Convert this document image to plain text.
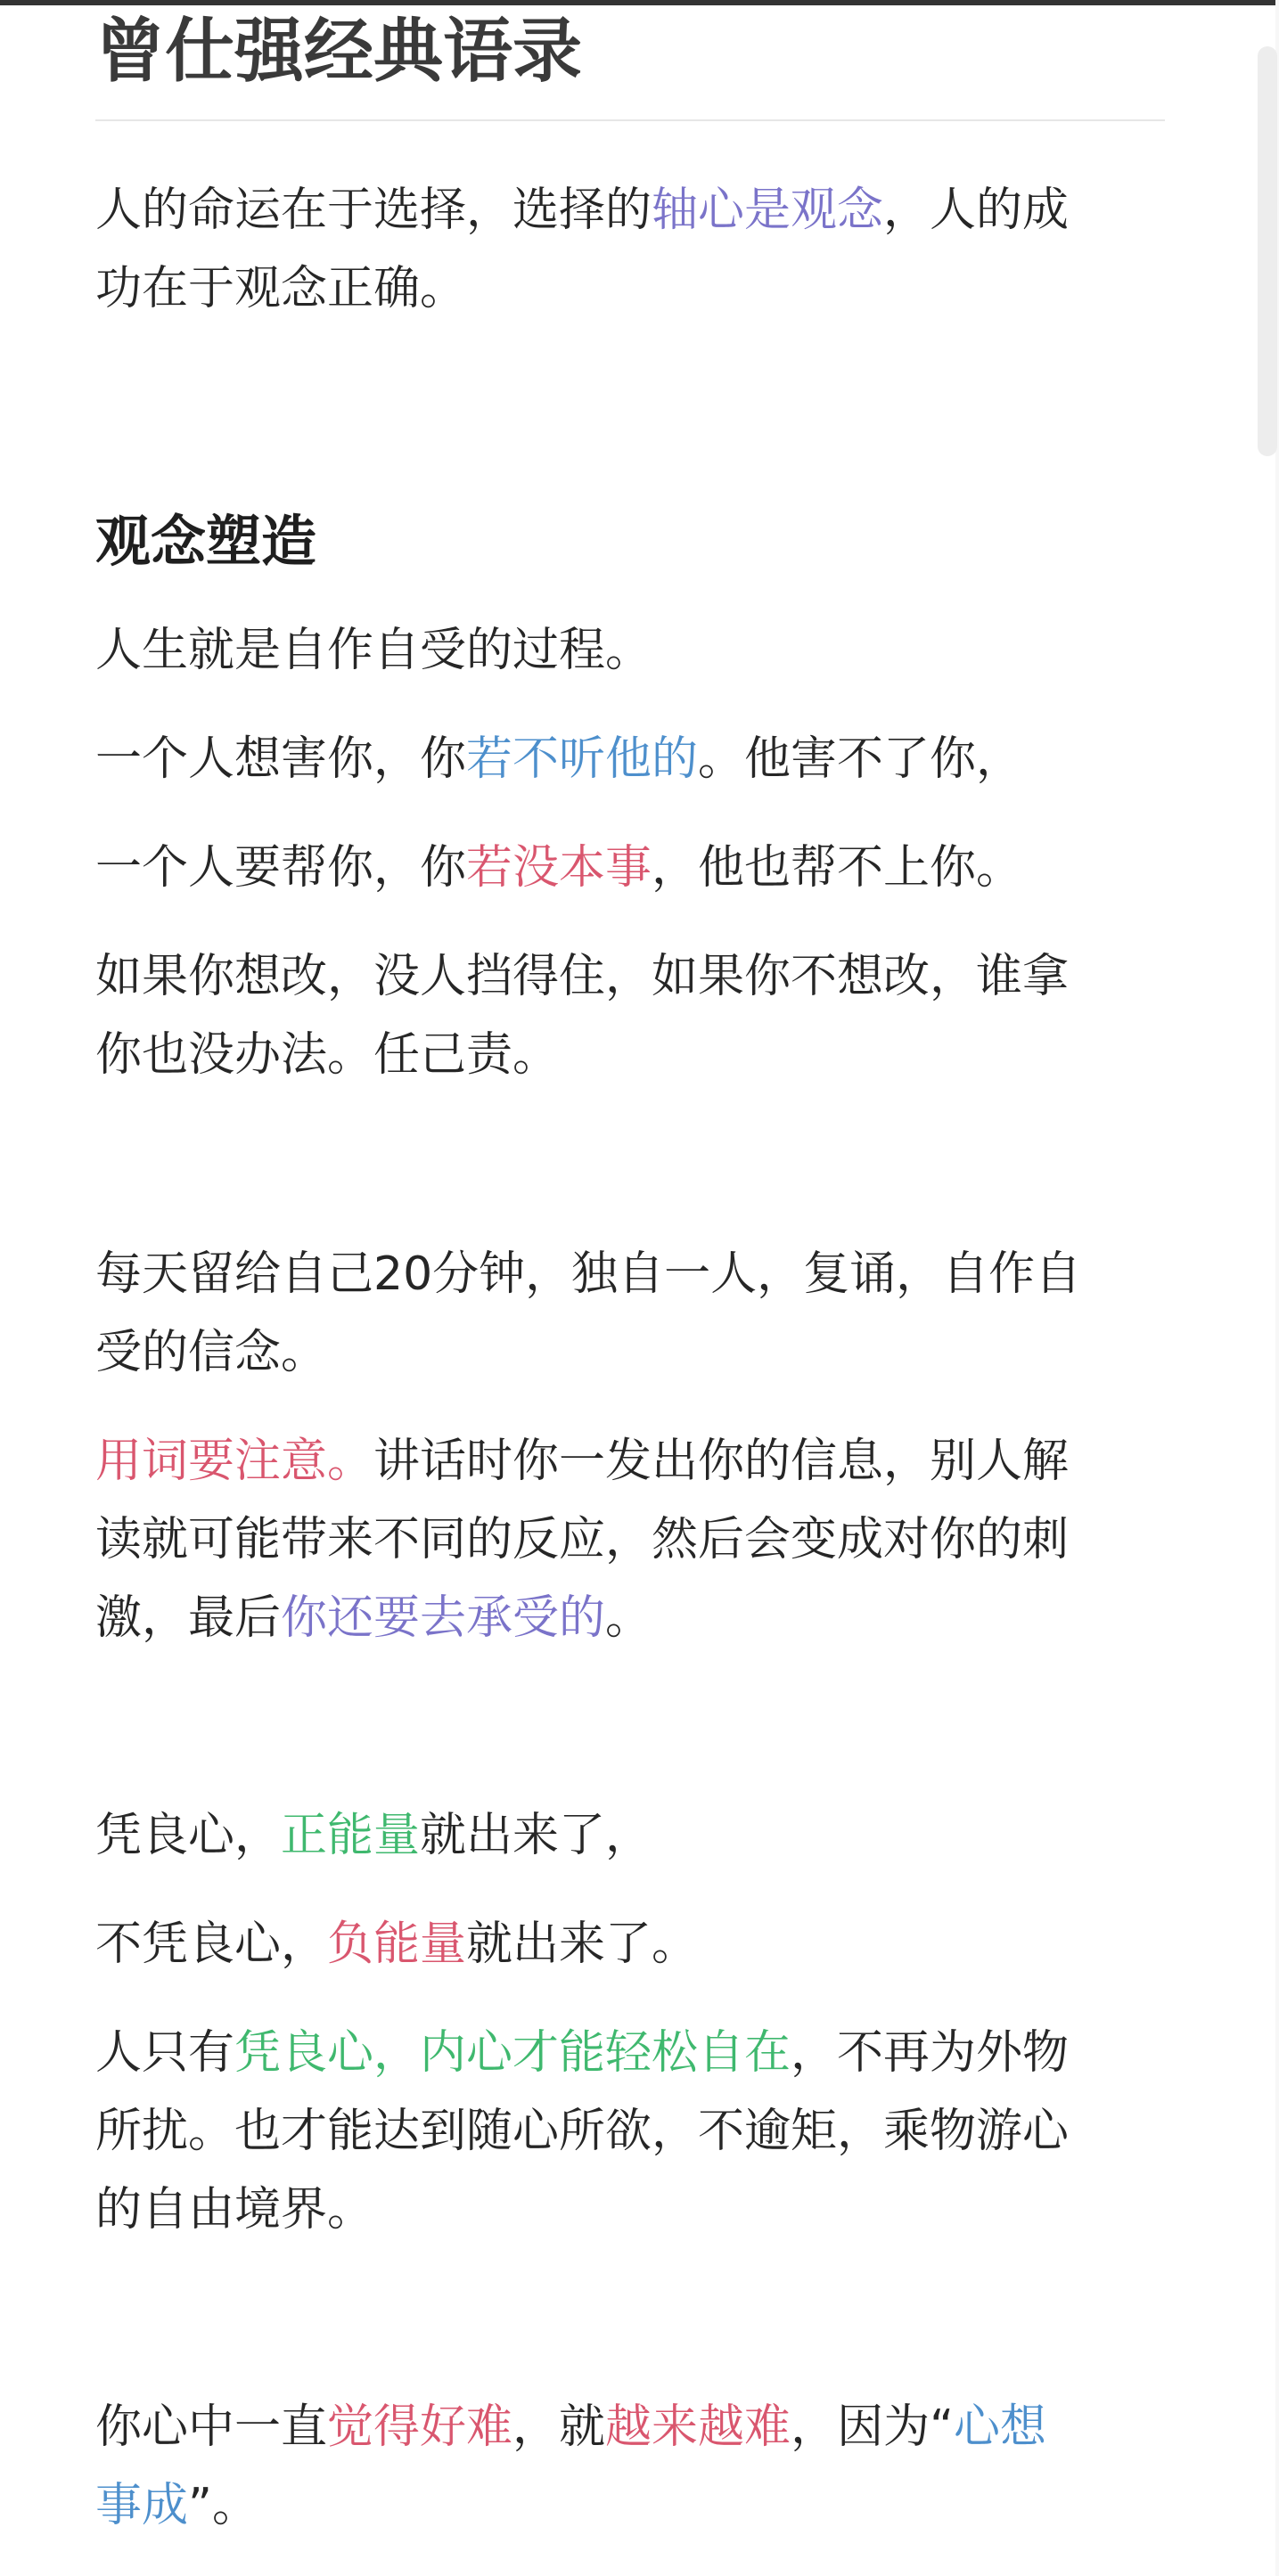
曾仕强经典语录

人的命运在于选择，选择的轴心是观念，人的成

功在于观念正确。

观念塑造

人生就是自作自受的过程。

一个人想害你，你若不听他的。他害不了你，

一个人要帮你，你若没本事，他也帮不上你。

如果你想改，没人挡得住，如果你不想改，谁拿

你也没办法。任己责。

每天留给自己20分钟，独自一人，复诵，自作自

受的信念。

用词要注意。讲话时你一发出你的信息，别人解

读就可能带来不同的反应，然后会变成对你的刺

激，最后你还要去承受的。

凭良心，正能量就出来了，

不凭良心，负能量就出来了。

人只有凭良心，内心才能轻松自在，不再为外物

所扰。也才能达到随心所欲，不逾矩，乘物游心

的自由境界。

你心中一直觉得好难，就越来越难，因为“心想

事成”。
